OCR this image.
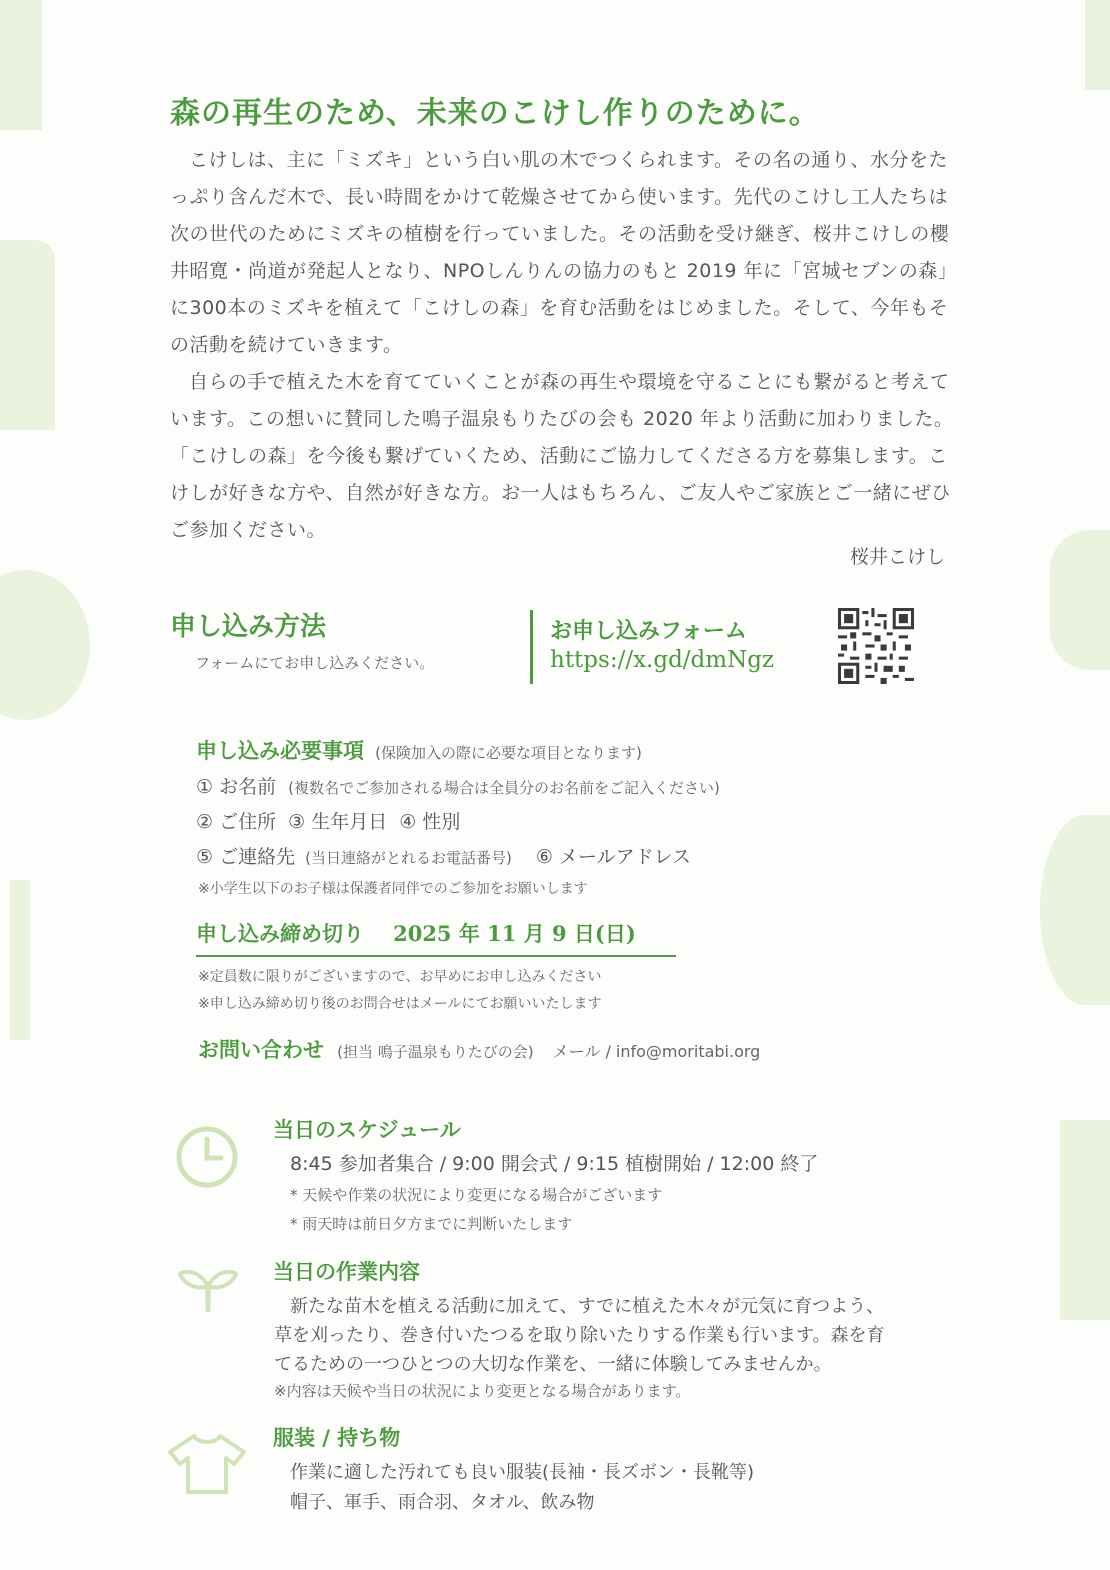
森の再生のため、未来のこけし作りのために。

こけしは、主に「ミズキ」という白い肌の木でつくられます。その名の通り、水分をたっぷり含んだ木で、長い時間をかけて乾燥させてから使います。先代のこけし工人たちは次の世代のためにミズキの植樹を行っていました。その活動を受け継ぎ、桜井こけしの櫻井昭寛・尚道が発起人となり、NPOしんりんの協力のもと 2019 年に「宮城セブンの森」に300本のミズキを植えて「こけしの森」を育む活動をはじめました。そして、今年もその活動を続けていきます。

自らの手で植えた木を育てていくことが森の再生や環境を守ることにも繋がると考えています。この想いに賛同した鳴子温泉もりたびの会も 2020 年より活動に加わりました。「こけしの森」を今後も繋げていくため、活動にご協力してくださる方を募集します。こけしが好きな方や、自然が好きな方。お一人はもちろん、ご友人やご家族とご一緒にぜひご参加ください。

桜井こけし
申し込み方法
フォームにてお申し込みください。
お申し込みフォーム
https://x.gd/dmNgz
申し込み必要事項 (保険加入の際に必要な項目となります)
① お名前 (複数名でご参加される場合は全員分のお名前をご記入ください)
② ご住所  ③ 生年月日  ④ 性別
⑤ ご連絡先 (当日連絡がとれるお電話番号) ⑥ メールアドレス
※小学生以下のお子様は保護者同伴でのご参加をお願いします
申し込み締め切り 2025 年 11 月 9 日(日)
※定員数に限りがございますので、お早めにお申し込みください
※申し込み締め切り後のお問合せはメールにてお願いいたします
お問い合わせ (担当 鳴子温泉もりたびの会) メール / info@moritabi.org
当日のスケジュール
8:45 参加者集合 / 9:00 開会式 / 9:15 植樹開始 / 12:00 終了
* 天候や作業の状況により変更になる場合がございます
* 雨天時は前日夕方までに判断いたします
当日の作業内容
新たな苗木を植える活動に加えて、すでに植えた木々が元気に育つよう、
草を刈ったり、巻き付いたつるを取り除いたりする作業も行います。森を育
てるための一つひとつの大切な作業を、一緒に体験してみませんか。
※内容は天候や当日の状況により変更となる場合があります。
服装 / 持ち物
作業に適した汚れても良い服装(長袖・長ズボン・長靴等)
帽子、軍手、雨合羽、タオル、飲み物
